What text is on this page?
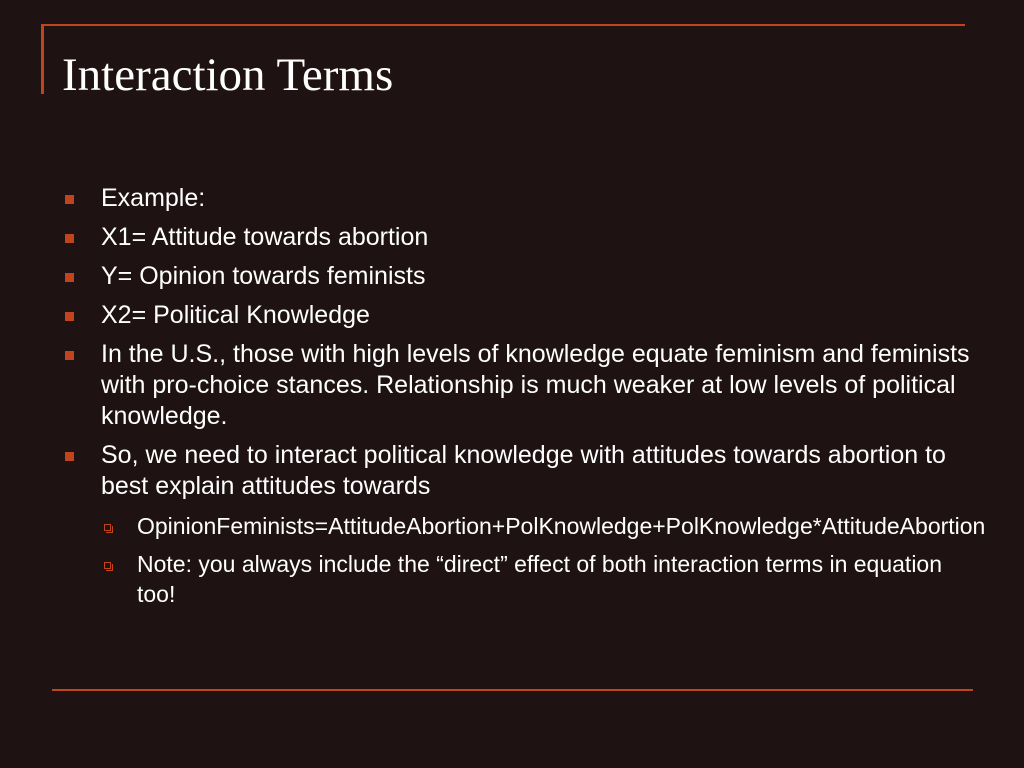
Interaction Terms
Example:
X1= Attitude towards abortion
Y= Opinion towards feminists
X2= Political Knowledge
In the U.S., those with high levels of knowledge equate feminism and feminists with pro-choice stances. Relationship is much weaker at low levels of political knowledge.
So, we need to interact political knowledge with attitudes towards abortion to best explain attitudes towards
OpinionFeminists=AttitudeAbortion+PolKnowledge+PolKnowledge*AttitudeAbortion
Note: you always include the “direct” effect of both interaction terms in equation too!
